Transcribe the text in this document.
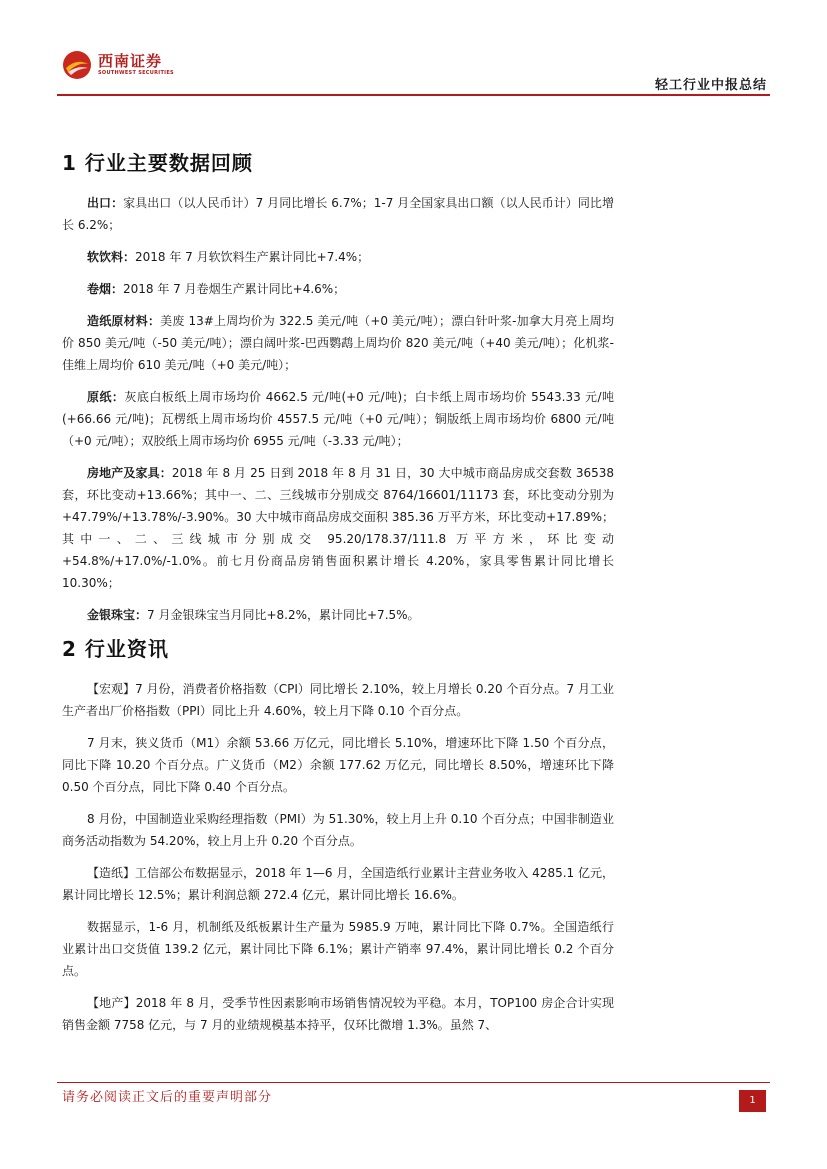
西南证券
SOUTHWEST SECURITIES
轻工行业中报总结
1 行业主要数据回顾

出口：家具出口（以人民币计）7 月同比增长 6.7%；1-7 月全国家具出口额（以人民币计）同比增长 6.2%；

软饮料：2018 年 7 月软饮料生产累计同比+7.4%；

卷烟：2018 年 7 月卷烟生产累计同比+4.6%；

造纸原材料：美废 13#上周均价为 322.5 美元/吨（+0 美元/吨）；漂白针叶浆-加拿大月亮上周均价 850 美元/吨（-50 美元/吨）；漂白阔叶浆-巴西鹦鹉上周均价 820 美元/吨（+40 美元/吨）；化机浆-佳维上周均价 610 美元/吨（+0 美元/吨）；

原纸：灰底白板纸上周市场均价 4662.5 元/吨(+0 元/吨)；白卡纸上周市场均价 5543.33 元/吨(+66.66 元/吨)；瓦楞纸上周市场均价 4557.5 元/吨（+0 元/吨）；铜版纸上周市场均价 6800 元/吨（+0 元/吨）；双胶纸上周市场均价 6955 元/吨（-3.33 元/吨）；

房地产及家具：2018 年 8 月 25 日到 2018 年 8 月 31 日，30 大中城市商品房成交套数 36538 套，环比变动+13.66%；其中一、二、三线城市分别成交 8764/16601/11173 套，环比变动分别为+47.79%/+13.78%/-3.90%。30 大中城市商品房成交面积 385.36 万平方米，环比变动+17.89%；其中一、二、三线城市分别成交 95.20/178.37/111.8 万平方米，环比变动+54.8%/+17.0%/-1.0%。前七月份商品房销售面积累计增长 4.20%，家具零售累计同比增长 10.30%；

金银珠宝：7 月金银珠宝当月同比+8.2%，累计同比+7.5%。

2 行业资讯

【宏观】7 月份，消费者价格指数（CPI）同比增长 2.10%，较上月增长 0.20 个百分点。7 月工业生产者出厂价格指数（PPI）同比上升 4.60%，较上月下降 0.10 个百分点。

7 月末，狭义货币（M1）余额 53.66 万亿元，同比增长 5.10%，增速环比下降 1.50 个百分点，同比下降 10.20 个百分点。广义货币（M2）余额 177.62 万亿元，同比增长 8.50%，增速环比下降 0.50 个百分点，同比下降 0.40 个百分点。

8 月份，中国制造业采购经理指数（PMI）为 51.30%，较上月上升 0.10 个百分点；中国非制造业商务活动指数为 54.20%，较上月上升 0.20 个百分点。

【造纸】工信部公布数据显示，2018 年 1—6 月，全国造纸行业累计主营业务收入 4285.1 亿元，累计同比增长 12.5%；累计利润总额 272.4 亿元，累计同比增长 16.6%。

数据显示，1-6 月，机制纸及纸板累计生产量为 5985.9 万吨，累计同比下降 0.7%。全国造纸行业累计出口交货值 139.2 亿元，累计同比下降 6.1%；累计产销率 97.4%，累计同比增长 0.2 个百分点。

【地产】2018 年 8 月，受季节性因素影响市场销售情况较为平稳。本月，TOP100 房企合计实现销售金额 7758 亿元，与 7 月的业绩规模基本持平，仅环比微增 1.3%。虽然 7、

请务必阅读正文后的重要声明部分	1
